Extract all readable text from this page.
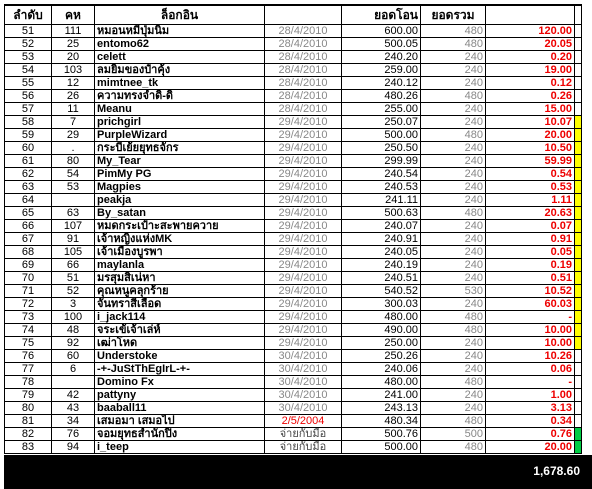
ลำดับ	คห	ล็อกอิน		ยอดโอน	ยอดรวม		
51	111	หมอนหมีปุ่มนิ่ม	28/4/2010	600.00	480	120.00	
52	25	entomo62	28/4/2010	500.05	480	20.05	
53	20	celett	28/4/2010	240.20	240	0.20	
54	103	ลมยิ้มของป๋าคุ้ง	28/4/2010	259.00	240	19.00	
55	12	mimtnee_tk	28/4/2010	240.12	240	0.12	
56	26	ความทรงจำดิ-ดิ	28/4/2010	480.26	480	0.26	
57	11	Meanu	28/4/2010	255.00	240	15.00	
58	7	prichgirl	29/4/2010	250.07	240	10.07	
59	29	PurpleWizard	29/4/2010	500.00	480	20.00	
60	.	กระบี่เย้ยยุทธจักร	29/4/2010	250.50	240	10.50	
61	80	My_Tear	29/4/2010	299.99	240	59.99	
62	54	PimMy PG	29/4/2010	240.54	240	0.54	
63	53	Magpies	29/4/2010	240.53	240	0.53	
64		peakja	29/4/2010	241.11	240	1.11	
65	63	By_satan	29/4/2010	500.63	480	20.63	
66	107	หมดกระเป๋าะสะพายควาย	29/4/2010	240.07	240	0.07	
67	91	เจ้าหญิงแห่งMK	29/4/2010	240.91	240	0.91	
68	105	เจ้าเมืองบูรพา	29/4/2010	240.05	240	0.05	
69	66	maylanla	29/4/2010	240.19	240	0.19	
70	51	มรสุมสิเน่หา	29/4/2010	240.51	240	0.51	
71	52	คุณหนูคลุกร้าย	29/4/2010	540.52	530	10.52	
72	3	จันทราสีเลือด	29/4/2010	300.03	240	60.03	
73	100	i_jack114	29/4/2010	480.00	480	-	
74	48	จระเข้เจ้าเล่ห์	29/4/2010	490.00	480	10.00	
75	92	เฒ่าโหด	29/4/2010	250.00	240	10.00	
76	60	Understoke	30/4/2010	250.26	240	10.26	
77	6	-+-JuStThEgIrL-+-	30/4/2010	240.06	240	0.06	
78		Domino Fx	30/4/2010	480.00	480	-	
79	42	pattyny	30/4/2010	241.00	240	1.00	
80	43	baaball11	30/4/2010	243.13	240	3.13	
81	34	เสมอมา เสมอไป	2/5/2004	480.34	480	0.34	
82	76	จอมยุทธสำนักปิ่ง	จ่ายกับมือ	500.76	500	0.76	
83	94	i_teep	จ่ายกับมือ	500.00	480	20.00	
1,678.60
